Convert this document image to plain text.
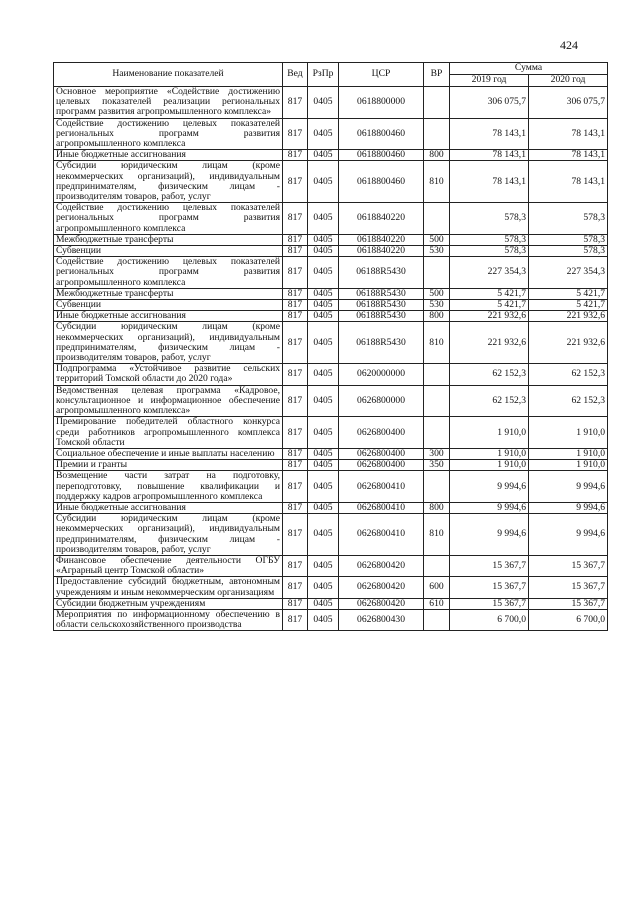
424
Наименование показателей	Вед	РзПр	ЦСР	ВР	Сумма	
					2019 год	2020 год
Основное мероприятие «Содействие достижению целевых показателей реализации региональных программ развития агропромышленного комплекса»	817	0405	0618800000		306 075,7	306 075,7
Содействие достижению целевых показателей региональных программ развития агропромышленного комплекса	817	0405	0618800460		78 143,1	78 143,1
Иные бюджетные ассигнования	817	0405	0618800460	800	78 143,1	78 143,1
Субсидии юридическим лицам (кроме некоммерческих организаций), индивидуальным предпринимателям, физическим лицам - производителям товаров, работ, услуг	817	0405	0618800460	810	78 143,1	78 143,1
Содействие достижению целевых показателей региональных программ развития агропромышленного комплекса	817	0405	0618840220		578,3	578,3
Межбюджетные трансферты	817	0405	0618840220	500	578,3	578,3
Субвенции	817	0405	0618840220	530	578,3	578,3
Содействие достижению целевых показателей региональных программ развития агропромышленного комплекса	817	0405	06188R5430		227 354,3	227 354,3
Межбюджетные трансферты	817	0405	06188R5430	500	5 421,7	5 421,7
Субвенции	817	0405	06188R5430	530	5 421,7	5 421,7
Иные бюджетные ассигнования	817	0405	06188R5430	800	221 932,6	221 932,6
Субсидии юридическим лицам (кроме некоммерческих организаций), индивидуальным предпринимателям, физическим лицам - производителям товаров, работ, услуг	817	0405	06188R5430	810	221 932,6	221 932,6
Подпрограмма «Устойчивое развитие сельских территорий Томской области до 2020 года»	817	0405	0620000000		62 152,3	62 152,3
Ведомственная целевая программа «Кадровое, консультационное и информационное обеспечение агропромышленного комплекса»	817	0405	0626800000		62 152,3	62 152,3
Премирование победителей областного конкурса среди работников агропромышленного комплекса Томской области	817	0405	0626800400		1 910,0	1 910,0
Социальное обеспечение и иные выплаты населению	817	0405	0626800400	300	1 910,0	1 910,0
Премии и гранты	817	0405	0626800400	350	1 910,0	1 910,0
Возмещение части затрат на подготовку, переподготовку, повышение квалификации и поддержку кадров агропромышленного комплекса	817	0405	0626800410		9 994,6	9 994,6
Иные бюджетные ассигнования	817	0405	0626800410	800	9 994,6	9 994,6
Субсидии юридическим лицам (кроме некоммерческих организаций), индивидуальным предпринимателям, физическим лицам - производителям товаров, работ, услуг	817	0405	0626800410	810	9 994,6	9 994,6
Финансовое обеспечение деятельности ОГБУ «Аграрный центр Томской области»	817	0405	0626800420		15 367,7	15 367,7
Предоставление субсидий бюджетным, автономным учреждениям и иным некоммерческим организациям	817	0405	0626800420	600	15 367,7	15 367,7
Субсидии бюджетным учреждениям	817	0405	0626800420	610	15 367,7	15 367,7
Мероприятия по информационному обеспечению в области сельскохозяйственного производства	817	0405	0626800430		6 700,0	6 700,0
